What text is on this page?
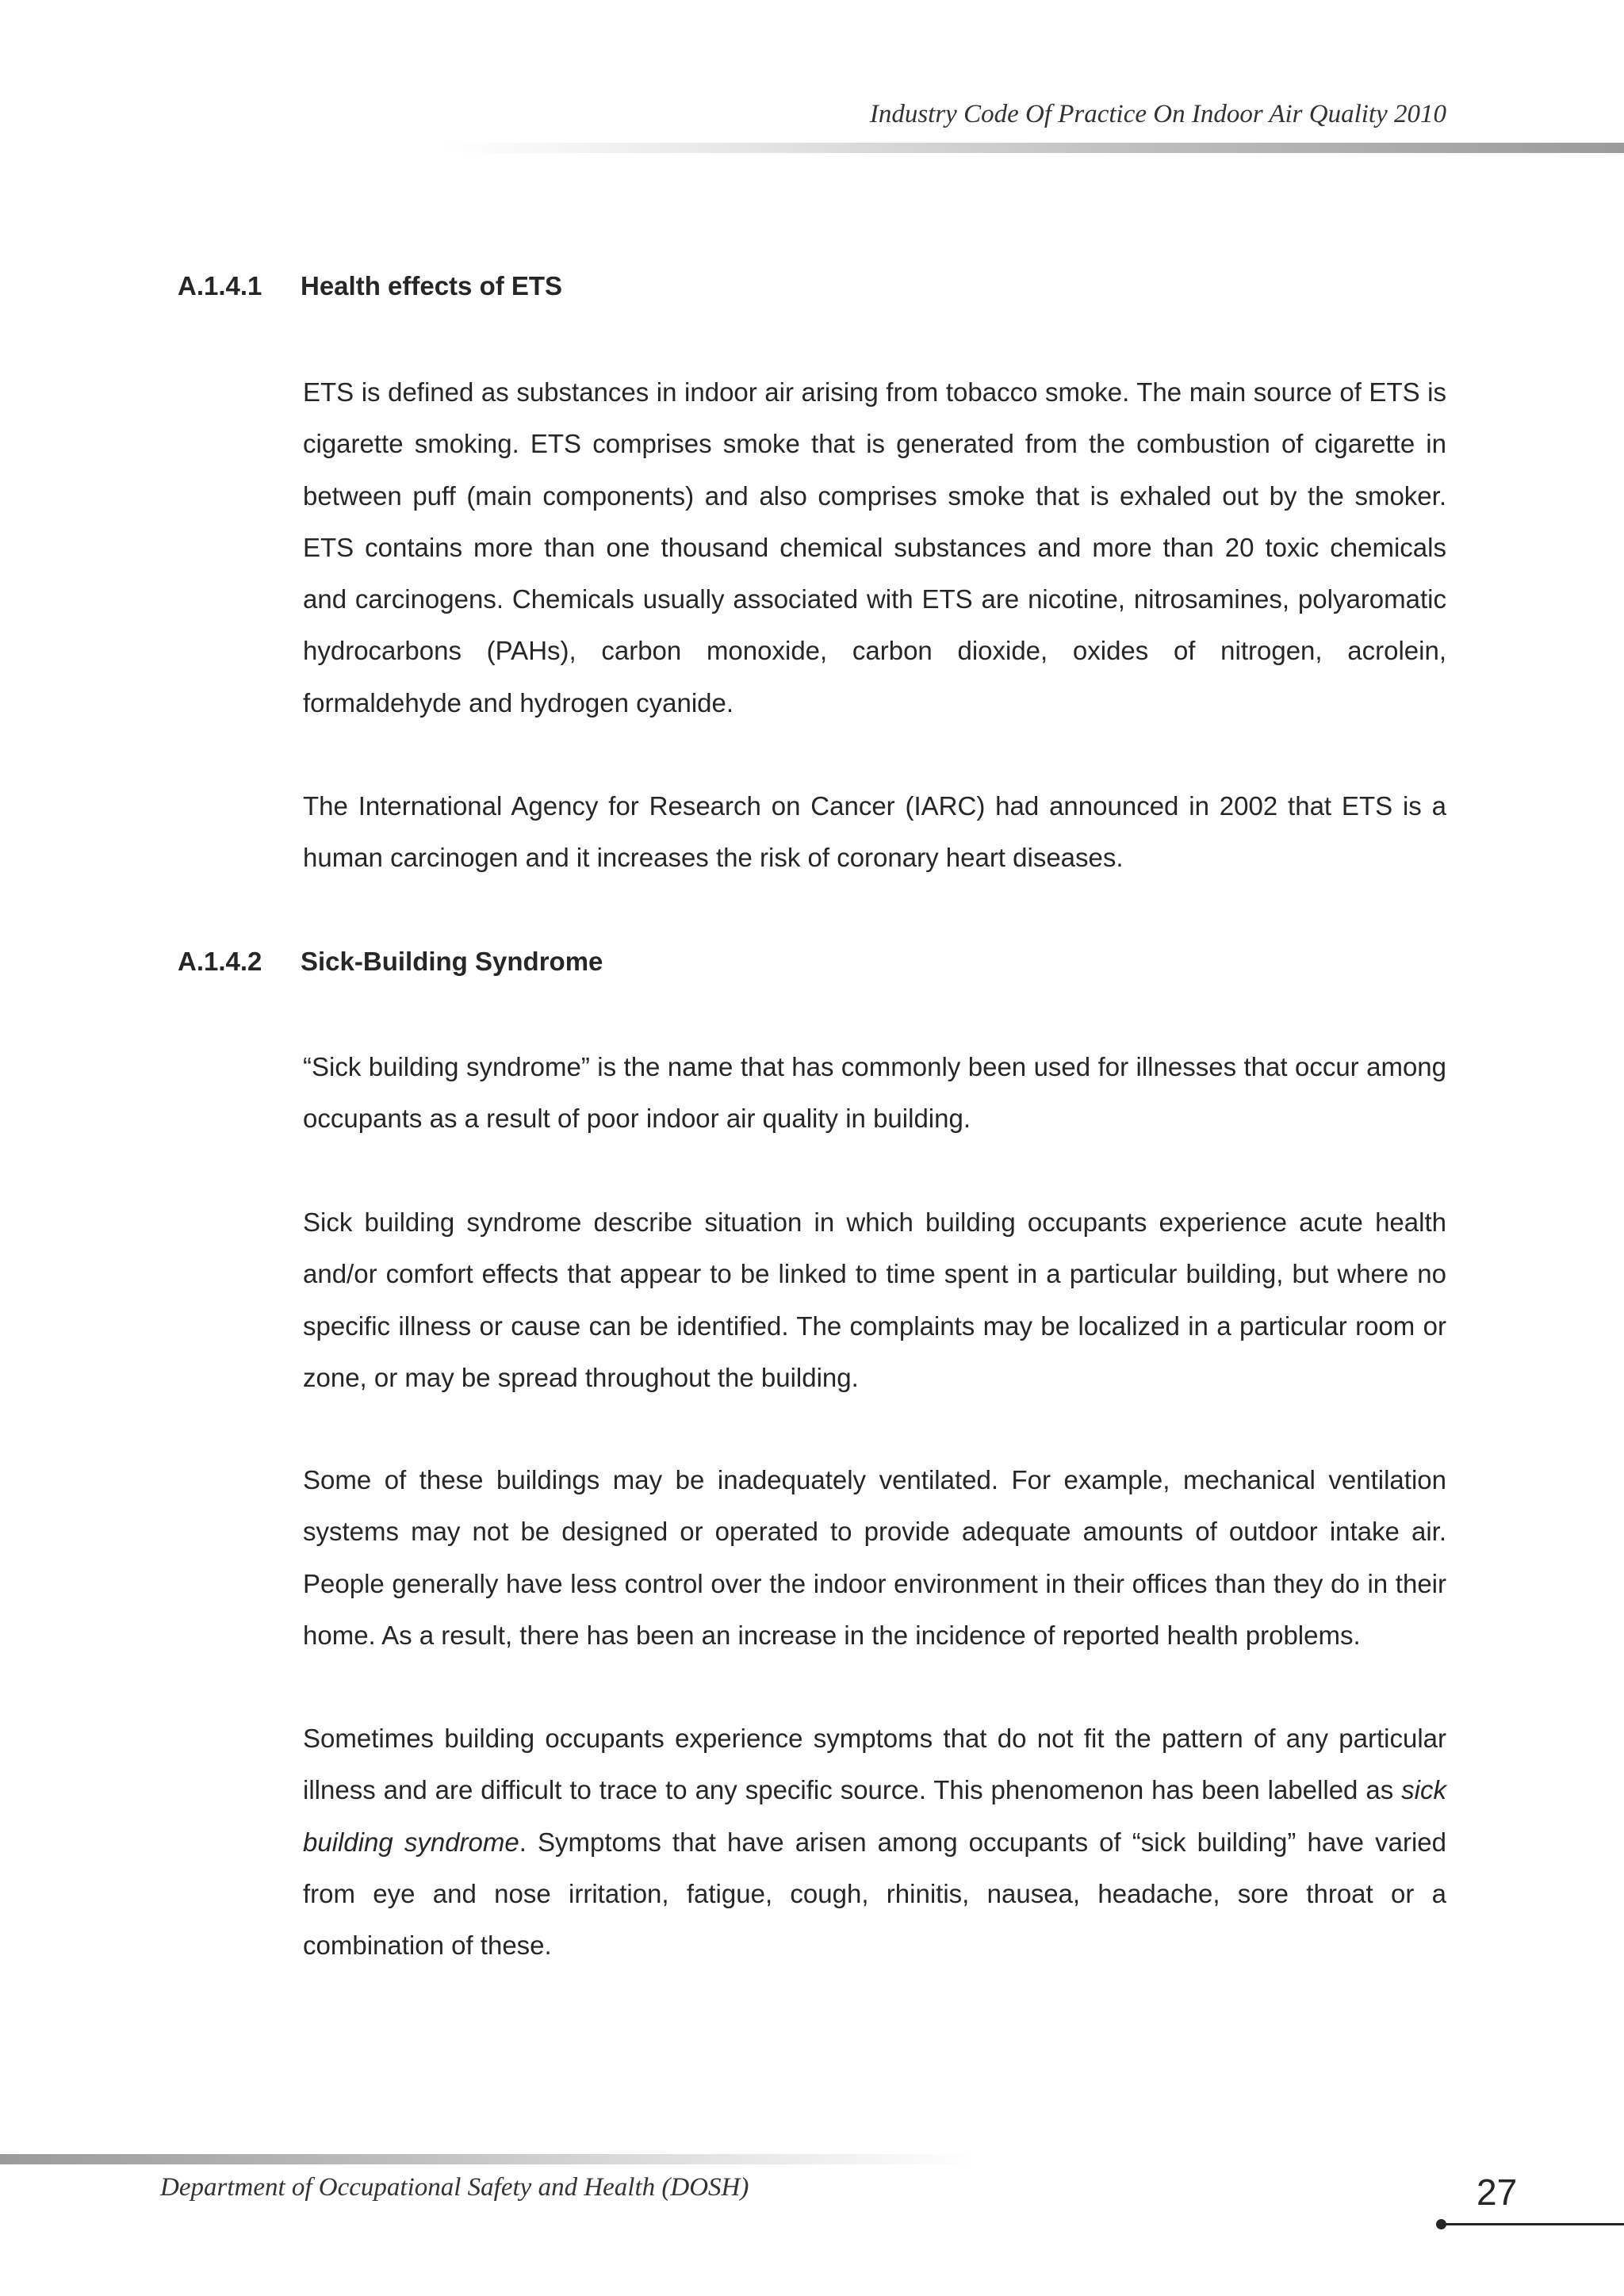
Industry Code Of Practice On Indoor Air Quality 2010
A.1.4.1 Health effects of ETS

ETS is defined as substances in indoor air arising from tobacco smoke. The main source of ETS is cigarette smoking. ETS comprises smoke that is generated from the combustion of cigarette in between puff (main components) and also comprises smoke that is exhaled out by the smoker. ETS contains more than one thousand chemical substances and more than 20 toxic chemicals and carcinogens. Chemicals usually associated with ETS are nicotine, nitrosamines, polyaromatic hydrocarbons (PAHs), carbon monoxide, carbon dioxide, oxides of nitrogen, acrolein, formaldehyde and hydrogen cyanide.

The International Agency for Research on Cancer (IARC) had announced in 2002 that ETS is a human carcinogen and it increases the risk of coronary heart diseases.

A.1.4.2 Sick-Building Syndrome

“Sick building syndrome” is the name that has commonly been used for illnesses that occur among occupants as a result of poor indoor air quality in building.

Sick building syndrome describe situation in which building occupants experience acute health and/or comfort effects that appear to be linked to time spent in a particular building, but where no specific illness or cause can be identified. The complaints may be localized in a particular room or zone, or may be spread throughout the building.

Some of these buildings may be inadequately ventilated. For example, mechanical ventilation systems may not be designed or operated to provide adequate amounts of outdoor intake air. People generally have less control over the indoor environment in their offices than they do in their home. As a result, there has been an increase in the incidence of reported health problems.

Sometimes building occupants experience symptoms that do not fit the pattern of any particular illness and are difficult to trace to any specific source. This phenomenon has been labelled as sick building syndrome. Symptoms that have arisen among occupants of “sick building” have varied from eye and nose irritation, fatigue, cough, rhinitis, nausea, headache, sore throat or a combination of these.

Department of Occupational Safety and Health (DOSH)	27
